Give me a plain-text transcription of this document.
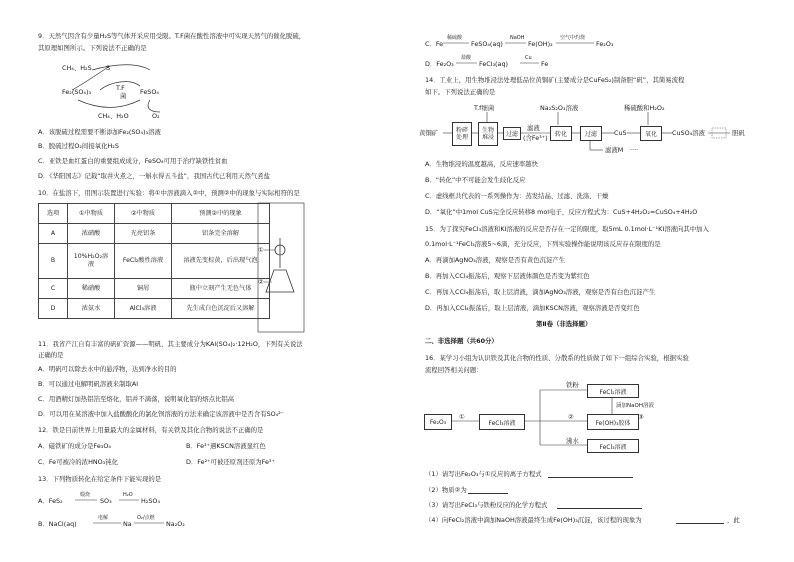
9．天然气因含有少量H₂S等气体开采应用受限。T.F菌在酸性溶液中可实现天然气的催化脱硫，
其原理如图所示。下列说法不正确的是
CH₄、H₂S S
Fe₂(SO₄)₃	T.F
菌 FeSO₄
CH₄、H₂O	O₂
A．该脱硫过程需要不断添加Fe₂(SO₄)₃溶液
B．脱硫过程O₂间接氧化H₂S
C．亚铁是血红蛋白的重要组成成分，FeSO₄可用于治疗缺铁性贫血
D．《华阳国志》记载“取井火煮之，一斛水得五斗盐”，我国古代已利用天然气煮盐
10．在盐溶下，用图示装置进行实验：将①中溶液滴入②中，预测②中的现象与实际相符的是
选项	①中物质	②中物质	预测②中的现象
A	浓硝酸	光亮铝条	铝条完全溶解
B	10%H₂O₂溶液	FeCl₂酸性溶液	溶液先变棕黄，后出现气泡
C	稀硝酸	铜屑	瓶中立刻产生无色气体
D	浓氨水	AlCl₃溶液	先生成白色沉淀后又溶解
①
②
11．我省产江自有丰富的矾矿资源——明矾，其主要成分为KAl(SO₄)₂·12H₂O，下列有关说法
正确的是
A．明矾可以除去水中的悬浮物，达到净水的目的
B．可以通过电解明矾溶液来制取Al
C．用酒精灯加热铝箔至熔化，铝并不滴落，说明氧化铝的熔点比铝高
D．可以用在某溶液中加入盐酸酸化的氯化钡溶液的方法来确定该溶液中是否含有SO₄²⁻
12．铁是目前世界上用量最大的金属材料，有关铁及其化合物的说法不正确的是
A．磁铁矿的成分是Fe₃O₄	B．Fe³⁺遇KSCN溶液显红色
C．Fe可被冷的浓HNO₃钝化	D．Fe²⁺可被还原剂还原为Fe³⁺
13．下列物质转化在给定条件下能实现的是
A．FeS₂
煅烧
SO₃
H₂O
H₂SO₄
B．NaCl(aq)
电解
Na
O₂/点燃
Na₂O₂
C．Fe
稀硫酸
FeSO₄(aq)
NaOH
Fe(OH)₂
空气中灼烧
Fe₂O₃
D．Fe₂O₃
盐酸
FeCl₃(aq)
Cu
Fe
14．工业上，用生物堆浸法处理低品位黄铜矿(主要成分是CuFeS₂)制备胆“矾”，其简易流程
如下。下列说法正确的是
黄铜矿	粉碎
处理
T.f细菌
生物
堆浸	过滤
滤液
(含Fe³⁺)
Na₂S₂O₃溶液
转化	过滤	CuS
稀硫酸和H₂O₂
氧化	CuSO₄溶液	胆矾
滤液M ····
A．生物堆浸的温度越高，反应速率越快
B．“转化”中不可能会发生歧化反应
C．虚线框共代表的一系列操作为：蒸发结晶、过滤、洗涤、干燥
D．“氧化”中1mol CuS完全反应转移8 mol电子，反应方程式为：CuS+4H₂O₂=CuSO₄+4H₂O
15．为了探究FeCl₃溶液和KI溶液的反应是否存在一定的限度，取5mL 0.1mol·L⁻¹KI溶液向其中加入
0.1mol·L⁻¹FeCl₃溶液5~6滴，充分反应，下列实验操作能说明该反应存在限度的是
A．再滴加AgNO₃溶液，观察是否有黄色沉淀产生
B．再加入CCl₄振荡后，观察下层液体颜色是否变为紫红色
C．再加入CCl₄振荡后，取上层清液，滴加AgNO₃溶液，观察是否有白色沉淀产生
D．再加入CCl₄振荡后，取上层清液，滴加KSCN溶液，观察溶液是否变红色
第Ⅱ卷（非选择题）
二、非选择题（共60分）
16．某学习小组为认识铁及其化合物的性质、分散系的性质做了如下一组综合实验，根据实验
流程回答相关问题：
Fe₂O₃
①
FeCl₃溶液
铁粉
②
沸水
FeCl₂溶液
滴加NaOH溶液
Fe(OH)₃胶体
③
FeCl₃溶液
（1）请写出Fe₂O₃与①反应的离子方程式
（2）物质②为
（3）请写出FeCl₃与铁粉反应的化学方程式
（4）向FeCl₂溶液中滴加NaOH溶液最终生成Fe(OH)₃沉淀，该过程的现象为	，此
